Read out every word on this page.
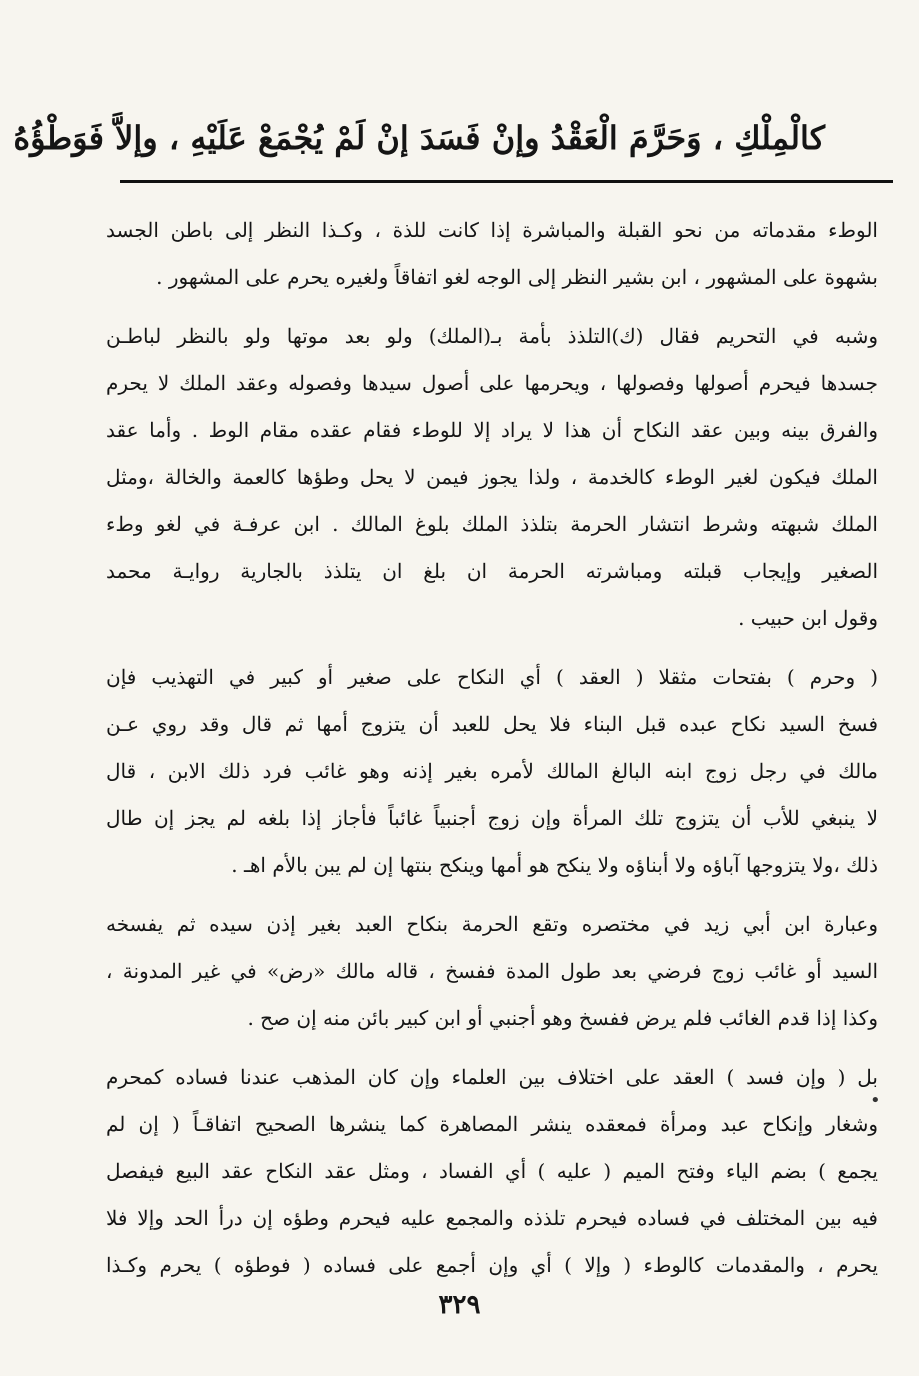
كالْمِلْكِ ، وَحَرَّمَ الْعَقْدُ وإنْ فَسَدَ إنْ لَمْ يُجْمَعْ عَلَيْهِ ، وإلاَّ فَوَطْؤُهُ
الوطء مقدماته من نحو القبلة والمباشرة إذا كانت للذة ، وكـذا النظر إلى باطن الجسد
بشهوة على المشهور ، ابن بشير النظر إلى الوجه لغو اتفاقاً ولغيره يحرم على المشهور .
وشبه في التحريم فقال (ك)التلذذ بأمة بـ(الملك) ولو بعد موتها ولو بالنظر لباطـن
جسدها فيحرم أصولها وفصولها ، ويحرمها على أصول سيدها وفصوله وعقد الملك لا يحرم
والفرق بينه وبين عقد النكاح أن هذا لا يراد إلا للوطء فقام عقده مقام الوط . وأما عقد
الملك فيكون لغير الوطء كالخدمة ، ولذا يجوز فيمن لا يحل وطؤها كالعمة والخالة ،ومثل
الملك شبهته وشرط انتشار الحرمة بتلذذ الملك بلوغ المالك . ابن عرفـة في لغو وطء
الصغير وإيجاب قبلته ومباشرته الحرمة ان بلغ ان يتلذذ بالجارية روايـة محمد
وقول ابن حبيب .
( وحرم ) بفتحات مثقلا ( العقد ) أي النكاح على صغير أو كبير في التهذيب فإن
فسخ السيد نكاح عبده قبل البناء فلا يحل للعبد أن يتزوج أمها ثم قال وقد روي عـن
مالك في رجل زوج ابنه البالغ المالك لأمره بغير إذنه وهو غائب فرد ذلك الابن ، قال
لا ينبغي للأب أن يتزوج تلك المرأة وإن زوج أجنبياً غائباً فأجاز إذا بلغه لم يجز إن طال
ذلك ،ولا يتزوجها آباؤه ولا أبناؤه ولا ينكح هو أمها وينكح بنتها إن لم يبن بالأم اهـ .
وعبارة ابن أبي زيد في مختصره وتقع الحرمة بنكاح العبد بغير إذن سيده ثم يفسخه
السيد أو غائب زوج فرضي بعد طول المدة ففسخ ، قاله مالك «رض» في غير المدونة ،
وكذا إذا قدم الغائب فلم يرض ففسخ وهو أجنبي أو ابن كبير بائن منه إن صح .
بل ( وإن فسد ) العقد على اختلاف بين العلماء وإن كان المذهب عندنا فساده كمحرم
وشغار وإنكاح عبد ومرأة فمعقده ينشر المصاهرة كما ينشرها الصحيح اتفاقـاً ( إن لم
يجمع ) بضم الياء وفتح الميم ( عليه ) أي الفساد ، ومثل عقد النكاح عقد البيع فيفصل
فيه بين المختلف في فساده فيحرم تلذذه والمجمع عليه فيحرم وطؤه إن درأ الحد وإلا فلا
يحرم ، والمقدمات كالوطء ( وإلا ) أي وإن أجمع على فساده ( فوطؤه ) يحرم وكـذا
•
٣٢٩
